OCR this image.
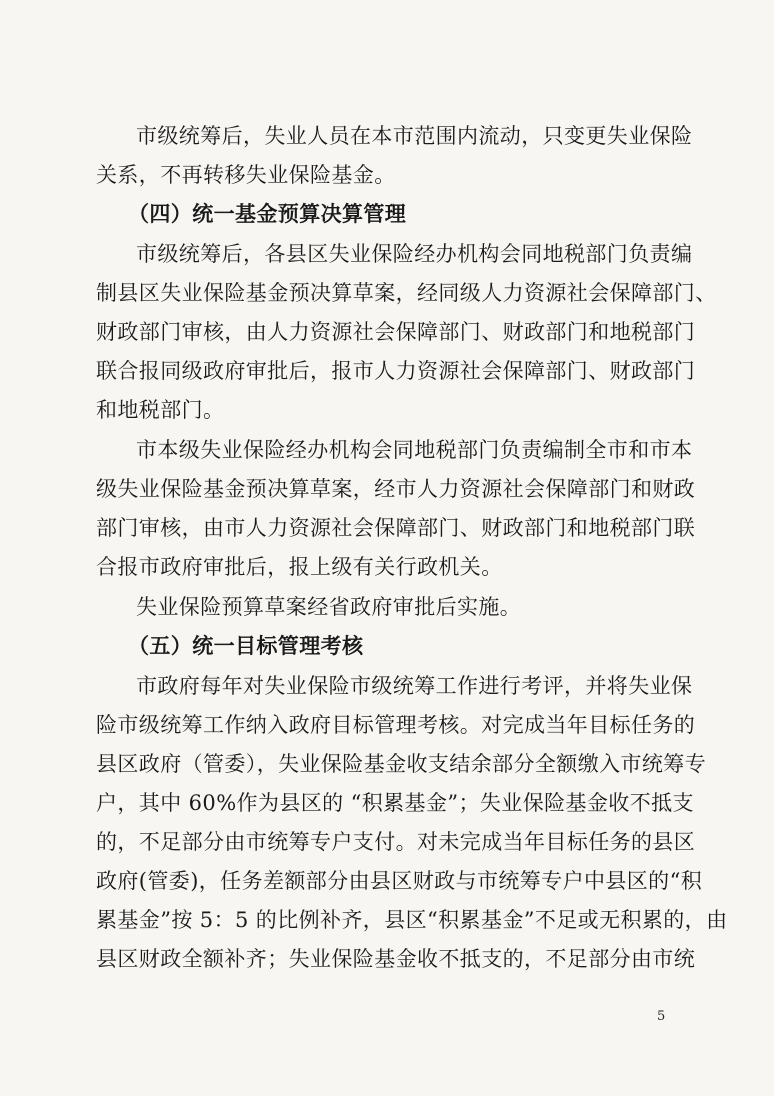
市级统筹后，失业人员在本市范围内流动，只变更失业保险
关系，不再转移失业保险基金。
（四）统一基金预算决算管理
市级统筹后，各县区失业保险经办机构会同地税部门负责编
制县区失业保险基金预决算草案，经同级人力资源社会保障部门、
财政部门审核，由人力资源社会保障部门、财政部门和地税部门
联合报同级政府审批后，报市人力资源社会保障部门、财政部门
和地税部门。
市本级失业保险经办机构会同地税部门负责编制全市和市本
级失业保险基金预决算草案，经市人力资源社会保障部门和财政
部门审核，由市人力资源社会保障部门、财政部门和地税部门联
合报市政府审批后，报上级有关行政机关。
失业保险预算草案经省政府审批后实施。
（五）统一目标管理考核
市政府每年对失业保险市级统筹工作进行考评，并将失业保
险市级统筹工作纳入政府目标管理考核。对完成当年目标任务的
县区政府（管委），失业保险基金收支结余部分全额缴入市统筹专
户，其中 60%作为县区的 “积累基金”；失业保险基金收不抵支
的，不足部分由市统筹专户支付。对未完成当年目标任务的县区
政府(管委)，任务差额部分由县区财政与市统筹专户中县区的“积
累基金”按 5：5 的比例补齐，县区“积累基金”不足或无积累的，由
县区财政全额补齐；失业保险基金收不抵支的，不足部分由市统
5
